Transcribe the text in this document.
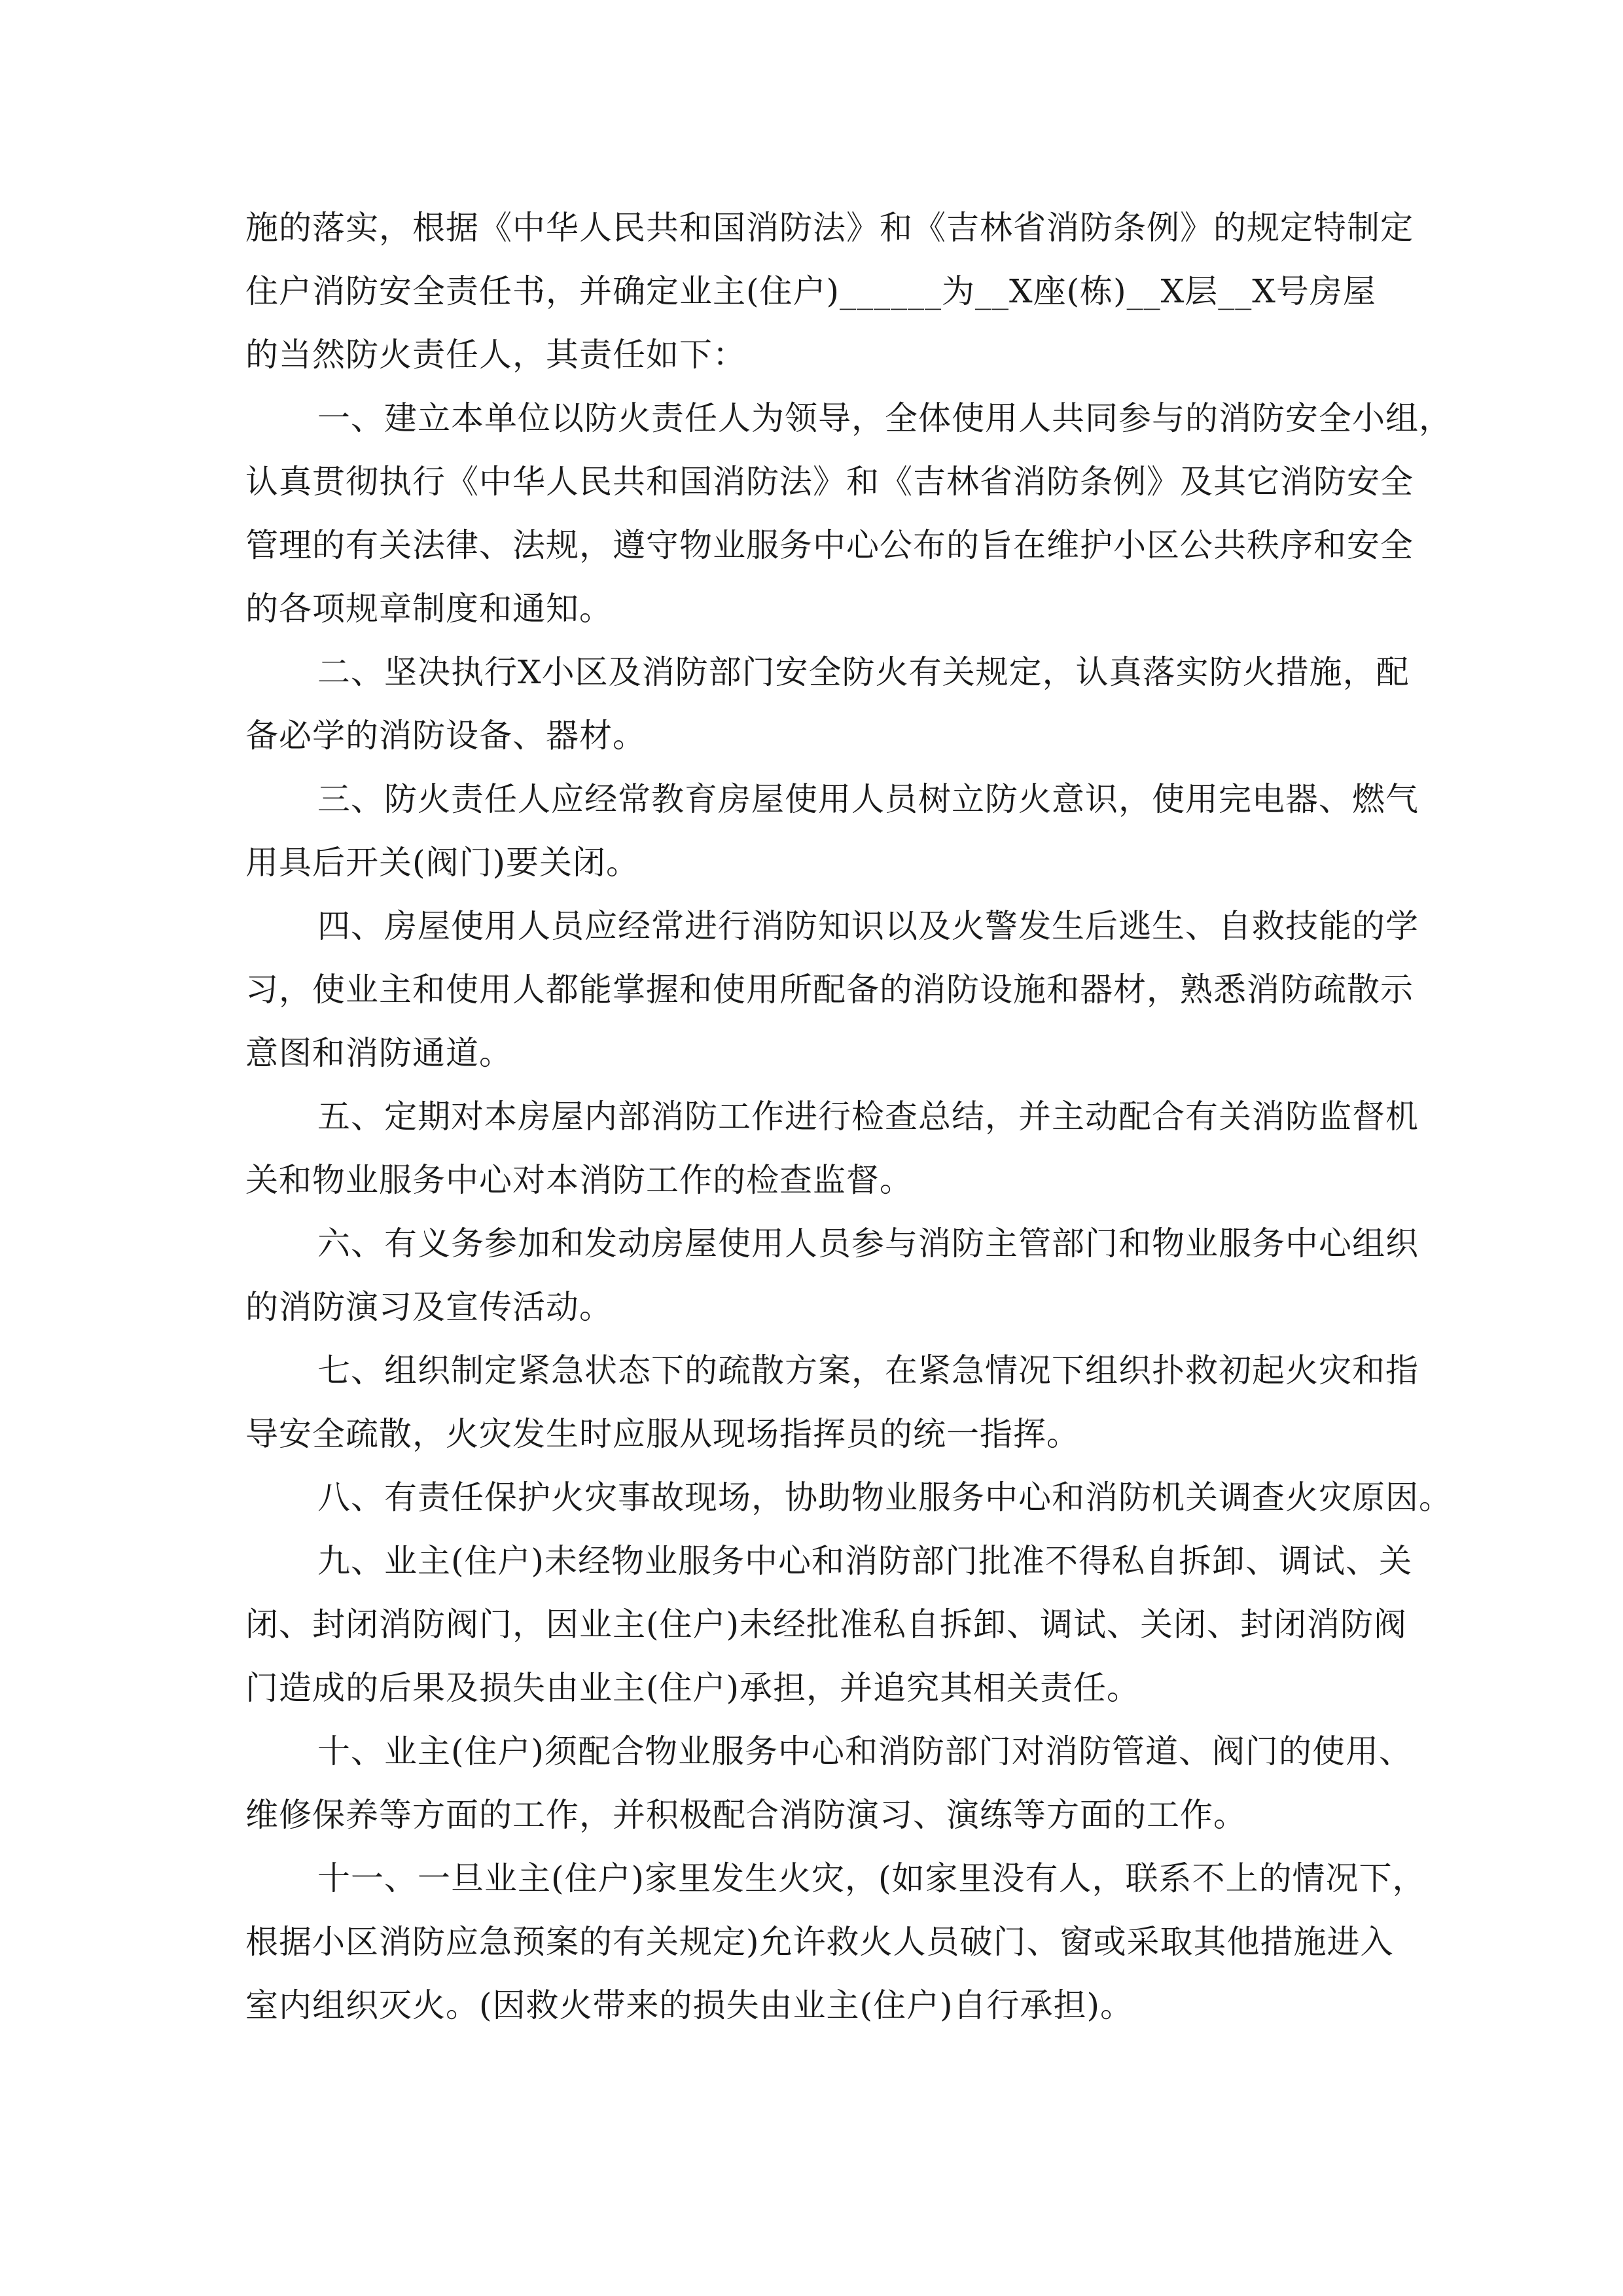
施的落实，根据《中华人民共和国消防法》和《吉林省消防条例》的规定特制定
住户消防安全责任书，并确定业主(住户)______为__X座(栋)__X层__X号房屋
的当然防火责任人，其责任如下：
一、建立本单位以防火责任人为领导，全体使用人共同参与的消防安全小组，
认真贯彻执行《中华人民共和国消防法》和《吉林省消防条例》及其它消防安全
管理的有关法律、法规，遵守物业服务中心公布的旨在维护小区公共秩序和安全
的各项规章制度和通知。
二、坚决执行X小区及消防部门安全防火有关规定，认真落实防火措施，配
备必学的消防设备、器材。
三、防火责任人应经常教育房屋使用人员树立防火意识，使用完电器、燃气
用具后开关(阀门)要关闭。
四、房屋使用人员应经常进行消防知识以及火警发生后逃生、自救技能的学
习，使业主和使用人都能掌握和使用所配备的消防设施和器材，熟悉消防疏散示
意图和消防通道。
五、定期对本房屋内部消防工作进行检查总结，并主动配合有关消防监督机
关和物业服务中心对本消防工作的检查监督。
六、有义务参加和发动房屋使用人员参与消防主管部门和物业服务中心组织
的消防演习及宣传活动。
七、组织制定紧急状态下的疏散方案，在紧急情况下组织扑救初起火灾和指
导安全疏散，火灾发生时应服从现场指挥员的统一指挥。
八、有责任保护火灾事故现场，协助物业服务中心和消防机关调查火灾原因。
九、业主(住户)未经物业服务中心和消防部门批准不得私自拆卸、调试、关
闭、封闭消防阀门，因业主(住户)未经批准私自拆卸、调试、关闭、封闭消防阀
门造成的后果及损失由业主(住户)承担，并追究其相关责任。
十、业主(住户)须配合物业服务中心和消防部门对消防管道、阀门的使用、
维修保养等方面的工作，并积极配合消防演习、演练等方面的工作。
十一、一旦业主(住户)家里发生火灾，(如家里没有人，联系不上的情况下，
根据小区消防应急预案的有关规定)允许救火人员破门、窗或采取其他措施进入
室内组织灭火。(因救火带来的损失由业主(住户)自行承担)。
